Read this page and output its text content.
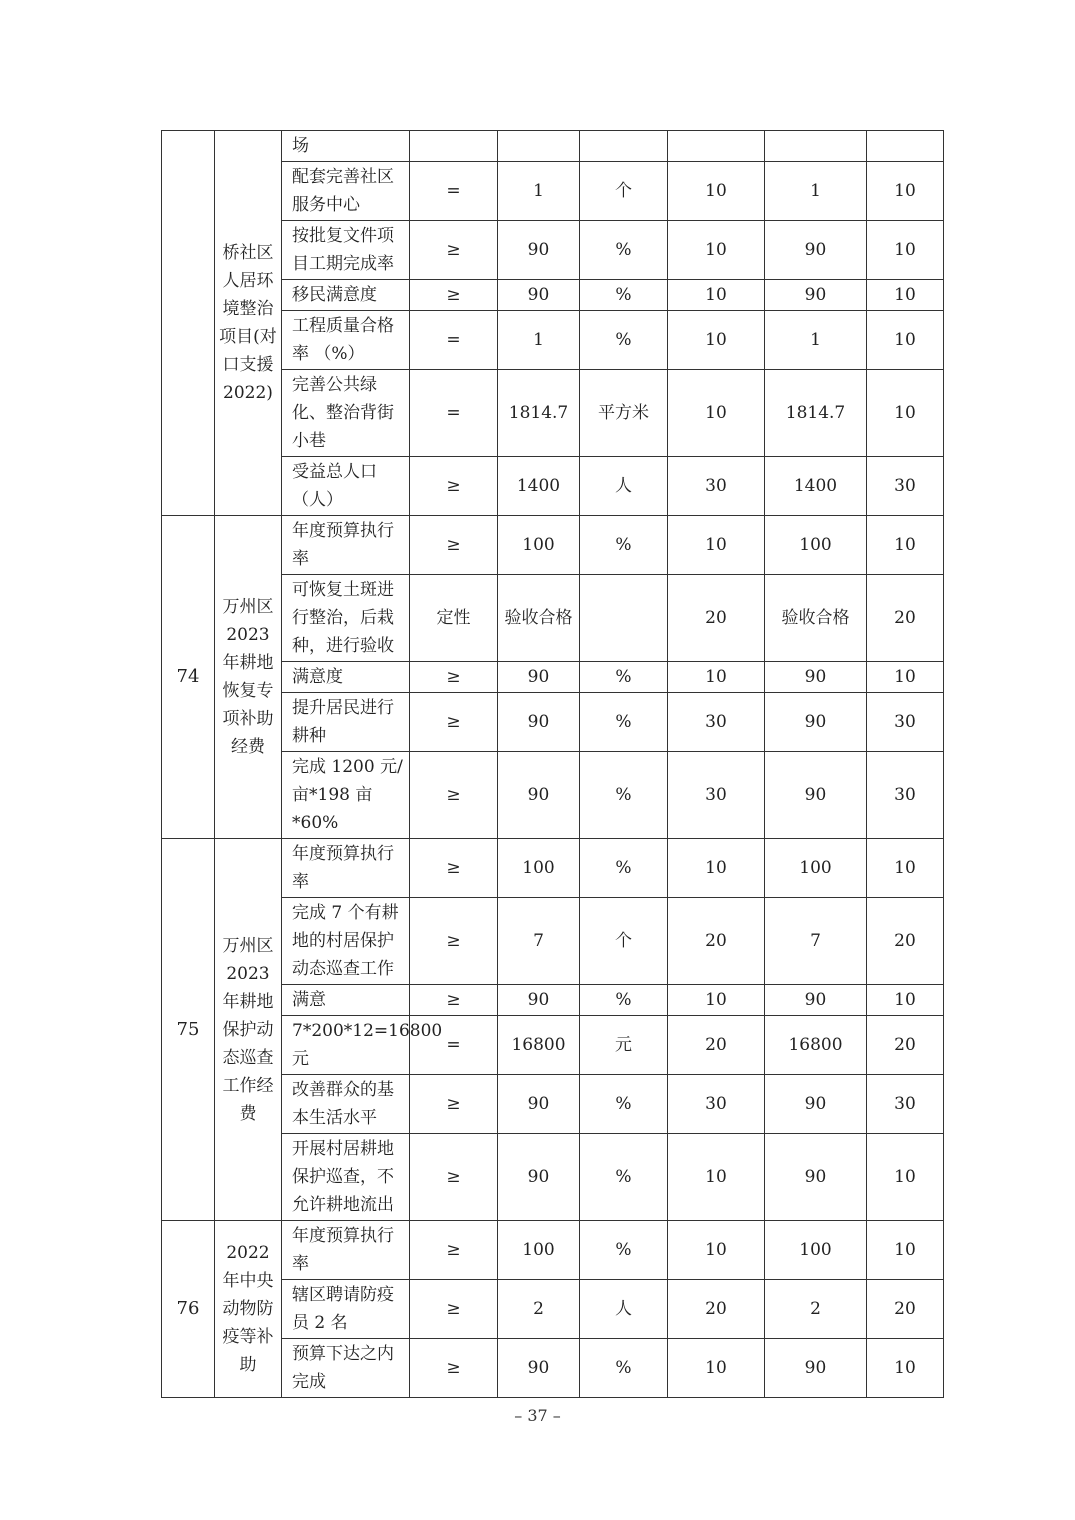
	桥社区人居环境整治项目(对口支援2022)	场						
		配套完善社区服务中心	=	1	个	10	1	10
		按批复文件项目工期完成率	≥	90	%	10	90	10
		移民满意度	≥	90	%	10	90	10
		工程质量合格率 （%）	=	1	%	10	1	10
		完善公共绿化、整治背街小巷	=	1814.7	平方米	10	1814.7	10
		受益总人口（人）	≥	1400	人	30	1400	30
74	万州区2023年耕地恢复专项补助经费	年度预算执行率	≥	100	%	10	100	10
		可恢复土斑进行整治，后栽种，进行验收	定性	验收合格		20	验收合格	20
		满意度	≥	90	%	10	90	10
		提升居民进行耕种	≥	90	%	30	90	30
		完成 1200 元/亩*198 亩*60%	≥	90	%	30	90	30
75	万州区2023年耕地保护动态巡查工作经费	年度预算执行率	≥	100	%	10	100	10
		完成 7 个有耕地的村居保护动态巡查工作	≥	7	个	20	7	20
		满意	≥	90	%	10	90	10
		7*200*12=16800 元	=	16800	元	20	16800	20
		改善群众的基本生活水平	≥	90	%	30	90	30
		开展村居耕地保护巡查，不允许耕地流出	≥	90	%	10	90	10
76	2022年中央动物防疫等补助	年度预算执行率	≥	100	%	10	100	10
		辖区聘请防疫员 2 名	≥	2	人	20	2	20
		预算下达之内完成	≥	90	%	10	90	10
– 37 –
